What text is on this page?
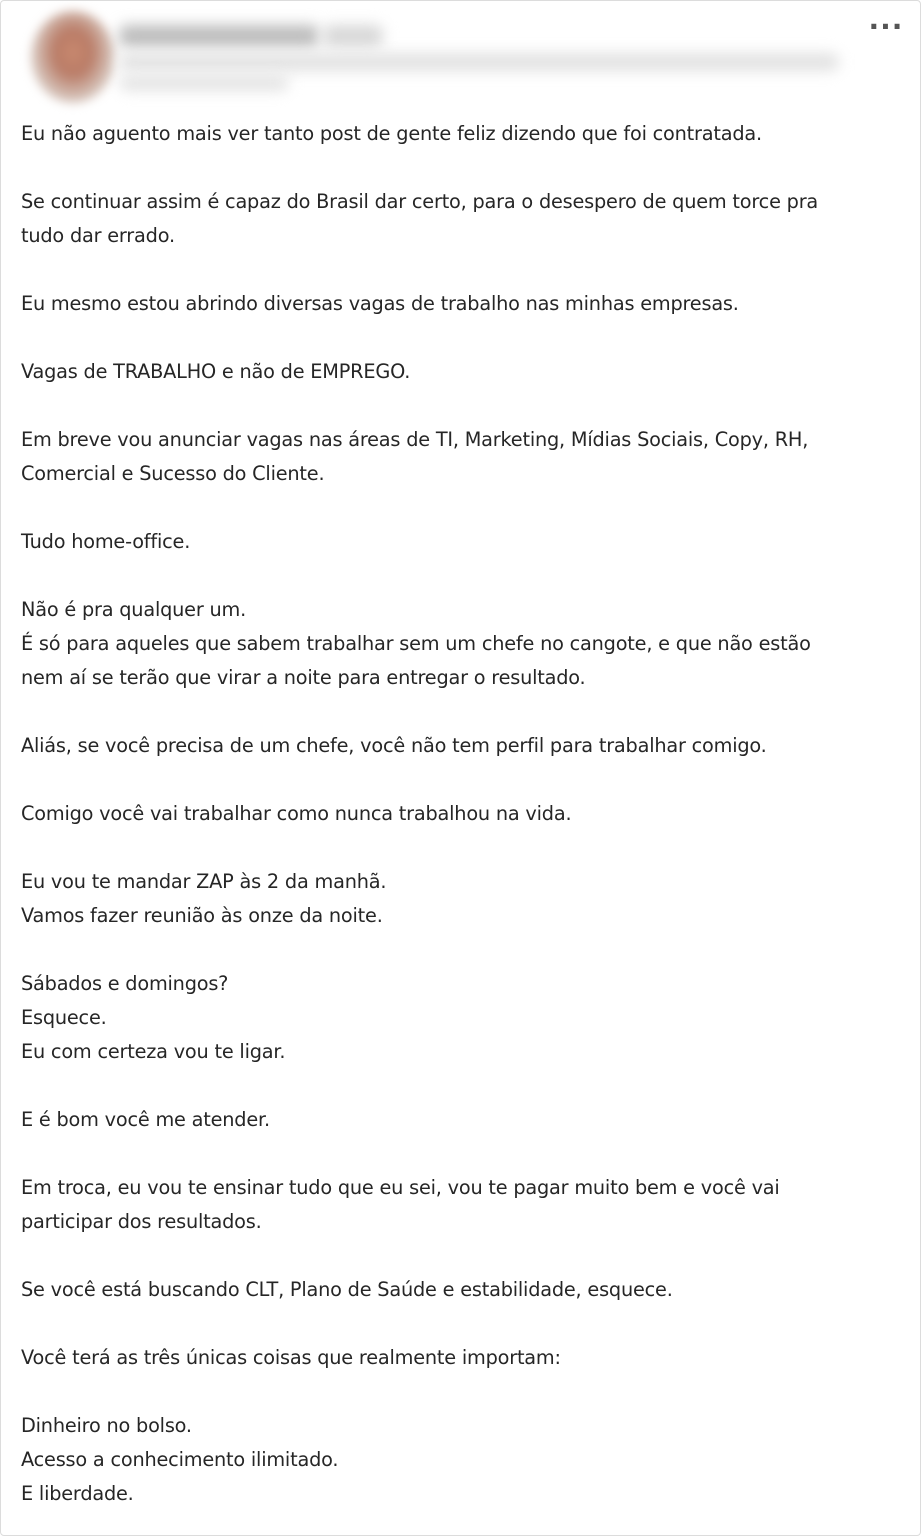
···

Eu não aguento mais ver tanto post de gente feliz dizendo que foi contratada.

Se continuar assim é capaz do Brasil dar certo, para o desespero de quem torce pra
tudo dar errado.

Eu mesmo estou abrindo diversas vagas de trabalho nas minhas empresas.

Vagas de TRABALHO e não de EMPREGO.

Em breve vou anunciar vagas nas áreas de TI, Marketing, Mídias Sociais, Copy, RH,
Comercial e Sucesso do Cliente.

Tudo home-office.

Não é pra qualquer um.
É só para aqueles que sabem trabalhar sem um chefe no cangote, e que não estão
nem aí se terão que virar a noite para entregar o resultado.

Aliás, se você precisa de um chefe, você não tem perfil para trabalhar comigo.

Comigo você vai trabalhar como nunca trabalhou na vida.

Eu vou te mandar ZAP às 2 da manhã.
Vamos fazer reunião às onze da noite.

Sábados e domingos?
Esquece.
Eu com certeza vou te ligar.

E é bom você me atender.

Em troca, eu vou te ensinar tudo que eu sei, vou te pagar muito bem e você vai
participar dos resultados.

Se você está buscando CLT, Plano de Saúde e estabilidade, esquece.

Você terá as três únicas coisas que realmente importam:

Dinheiro no bolso.
Acesso a conhecimento ilimitado.
E liberdade.
